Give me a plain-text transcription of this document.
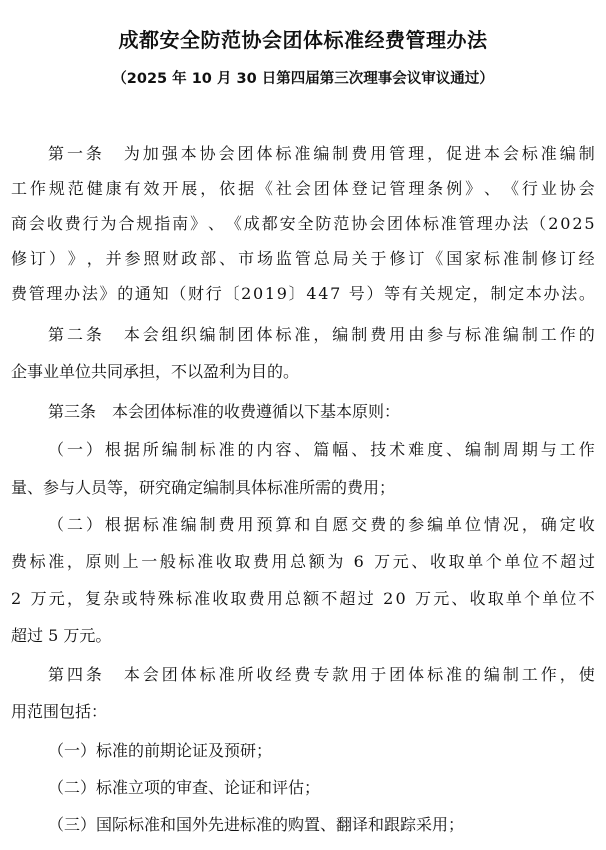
成都安全防范协会团体标准经费管理办法
（2025 年 10 月 30 日第四届第三次理事会议审议通过）
第 一 条
　 为 加 强 本 协 会 团 体 标 准 编 制 费 用 管 理 ， 促 进 本 会 标 准 编 制
工 作 规 范 健 康 有 效 开 展 ， 依 据 《 社 会 团 体 登 记 管 理 条 例 》 、 《 行 业 协 会
商 会 收 费 行 为 合 规 指 南 》 、 《 成 都 安 全 防 范 协 会 团 体 标 准 管 理 办 法 （ 2 0 2 5
修 订 ） 》 ， 并 参 照 财 政 部 、 市 场 监 管 总 局 关 于 修 订 《 国 家 标 准 制 修 订 经
费 管 理 办 法 》 的 通 知 （ 财 行 〔 2 0 1 9 〕 4 4 7
号 ） 等 有 关 规 定 ， 制 定 本 办 法 。
第 二 条
　 本 会 组 织 编 制 团 体 标 准 ， 编 制 费 用 由 参 与 标 准 编 制 工 作 的
企事业单位共同承担，不以盈利为目的。
第三条　本会团体标准的收费遵循以下基本原则：
（ 一 ） 根 据 所 编 制 标 准 的 内 容 、 篇 幅 、 技 术 难 度 、 编 制 周 期 与 工 作
量、参与人员等，研究确定编制具体标准所需的费用；
（ 二 ） 根 据 标 准 编 制 费 用 预 算 和 自 愿 交 费 的 参 编 单 位 情 况 ， 确 定 收
费 标 准 ， 原 则 上 一 般 标 准 收 取 费 用 总 额 为
6
万 元 、 收 取 单 个 单 位 不 超 过
2
万 元 ， 复 杂 或 特 殊 标 准 收 取 费 用 总 额 不 超 过
2 0
万 元 、 收 取 单 个 单 位 不
超过 5 万元。
第 四 条
　 本 会 团 体 标 准 所 收 经 费 专 款 用 于 团 体 标 准 的 编 制 工 作 ， 使
用范围包括：
（一）标准的前期论证及预研；
（二）标准立项的审查、论证和评估；
（三）国际标准和国外先进标准的购置、翻译和跟踪采用；
